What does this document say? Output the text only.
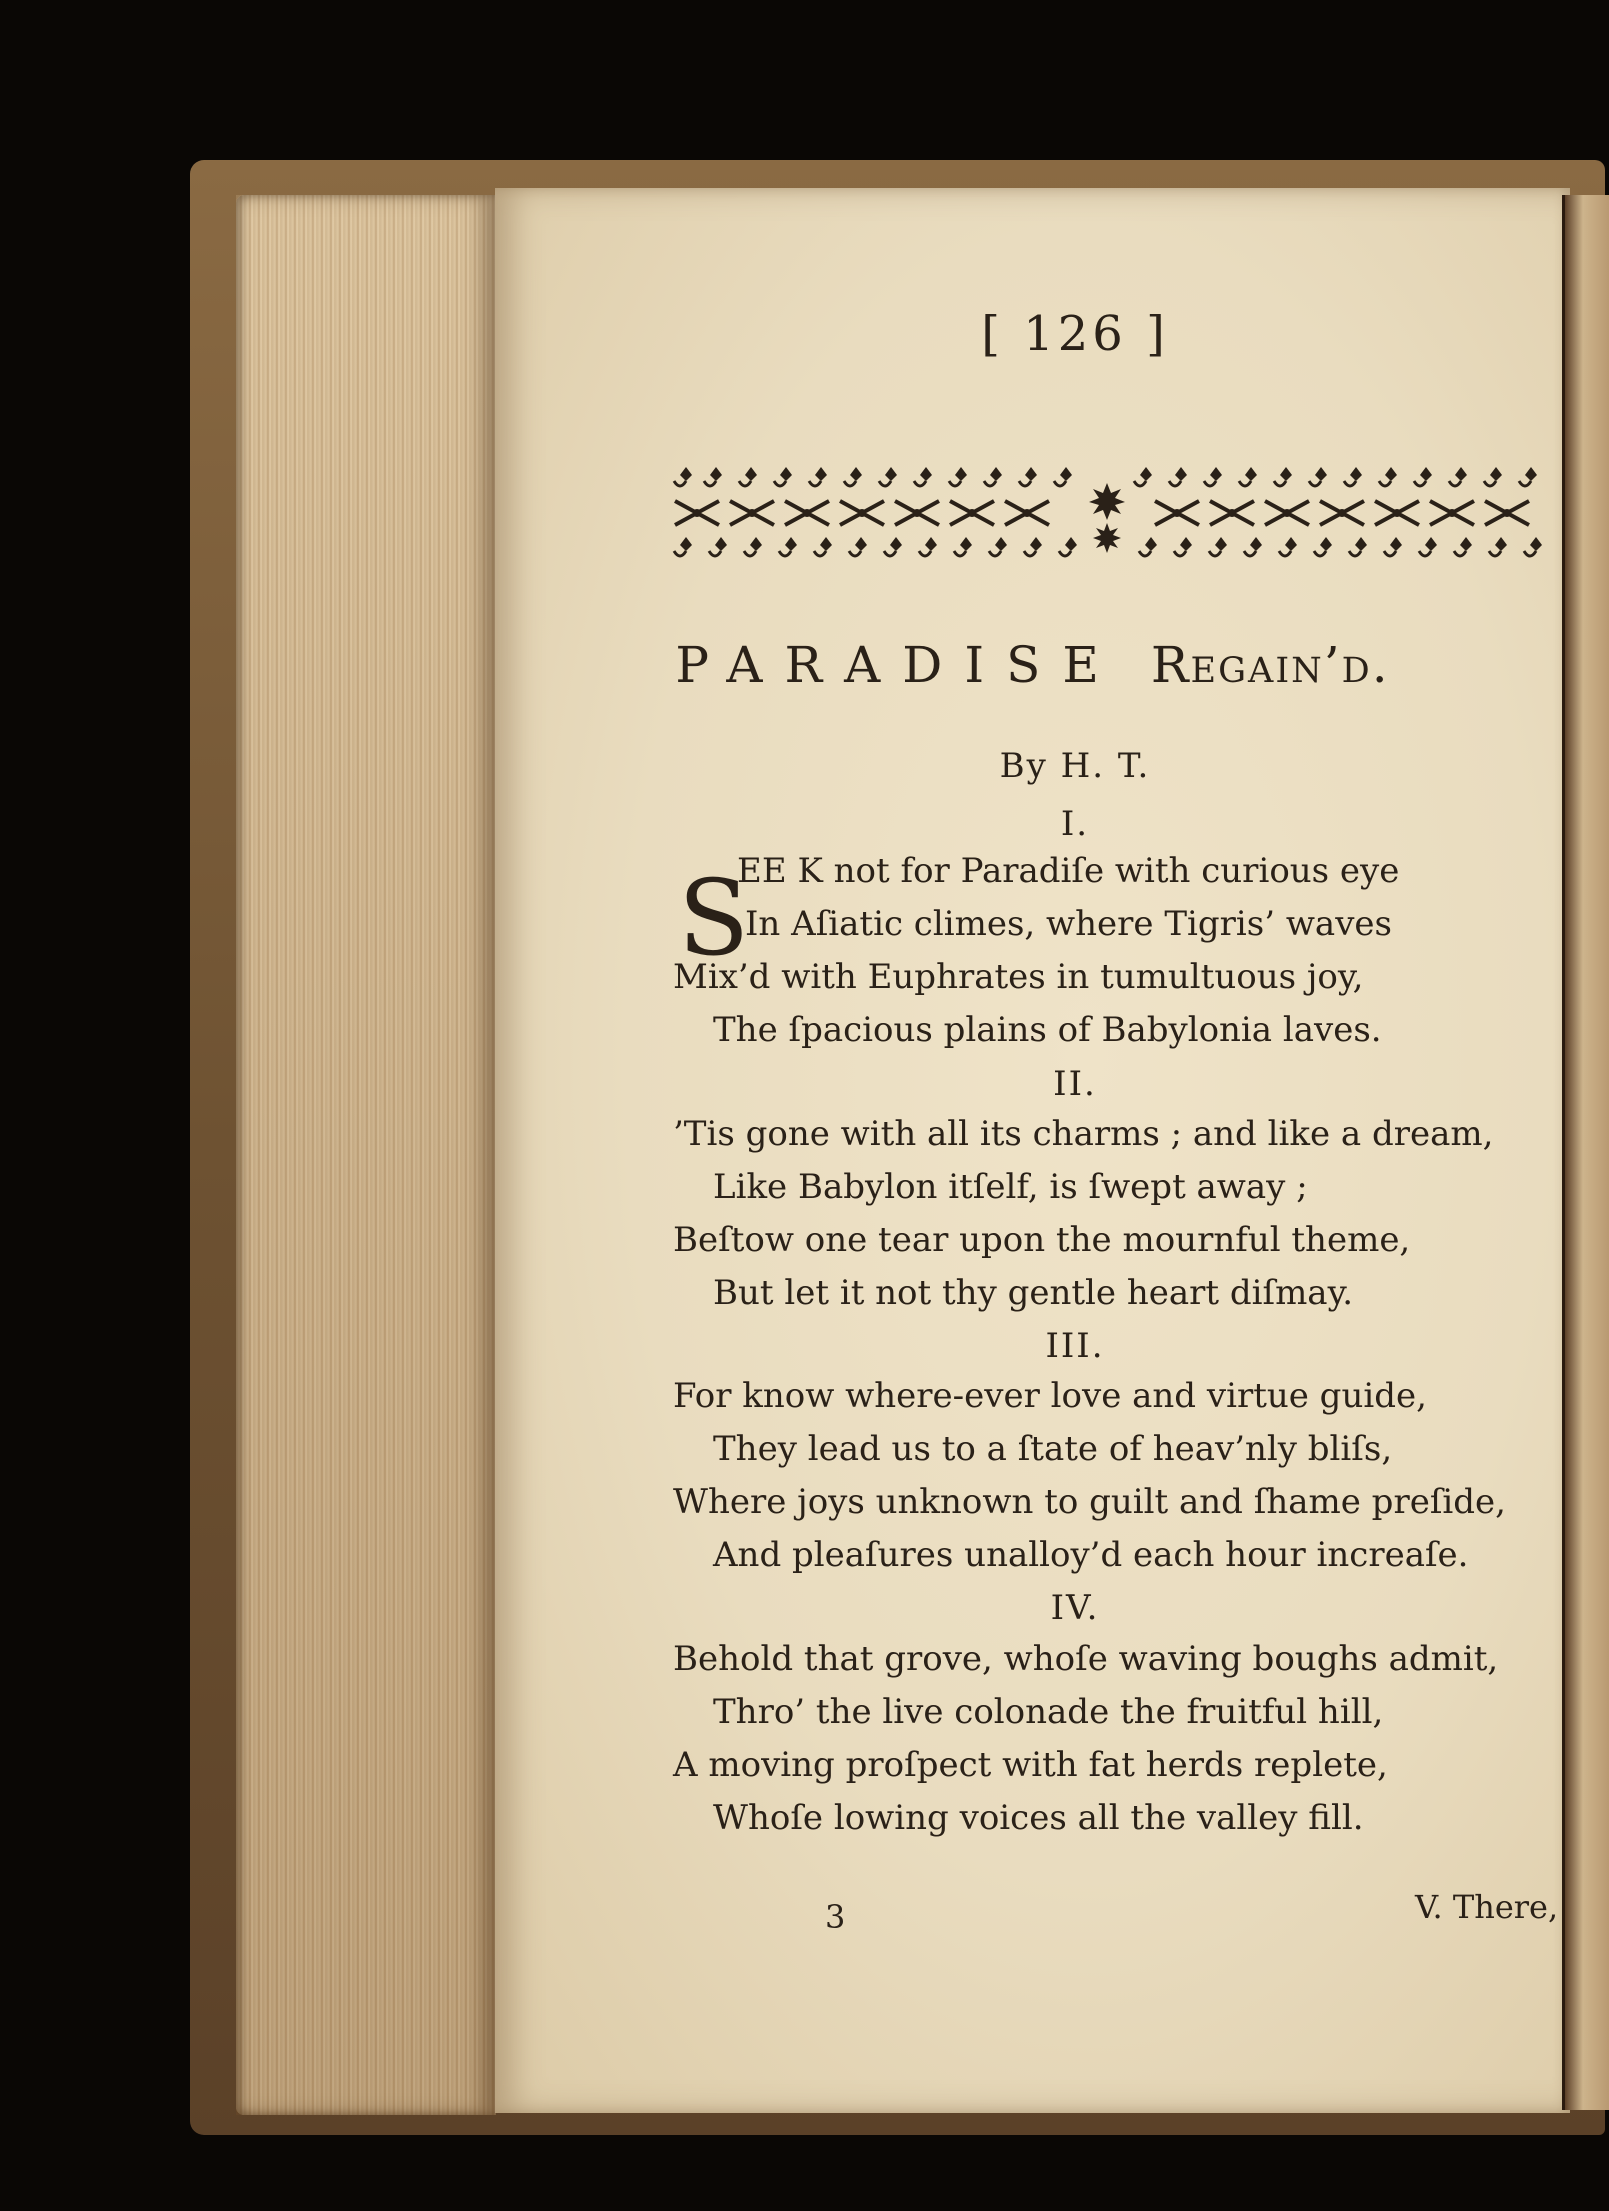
[ 126 ]
PARADISE Regain’d.
By H. T.
I.
S
EE K not for Paradiſe with curious eye
In Aſiatic climes, where Tigris’ waves
Mix’d with Euphrates in tumultuous joy,
The ſpacious plains of Babylonia laves.
II.
’Tis gone with all its charms ; and like a dream,
Like Babylon itſelf, is ſwept away ;
Beſtow one tear upon the mournful theme,
But let it not thy gentle heart diſmay.
III.
For know where-ever love and virtue guide,
They lead us to a ſtate of heav’nly bliſs,
Where joys unknown to guilt and ſhame preſide,
And pleaſures unalloy’d each hour increaſe.
IV.
Behold that grove, whoſe waving boughs admit,
Thro’ the live colonade the fruitful hill,
A moving proſpect with fat herds replete,
Whoſe lowing voices all the valley fill.
3	V. There,
